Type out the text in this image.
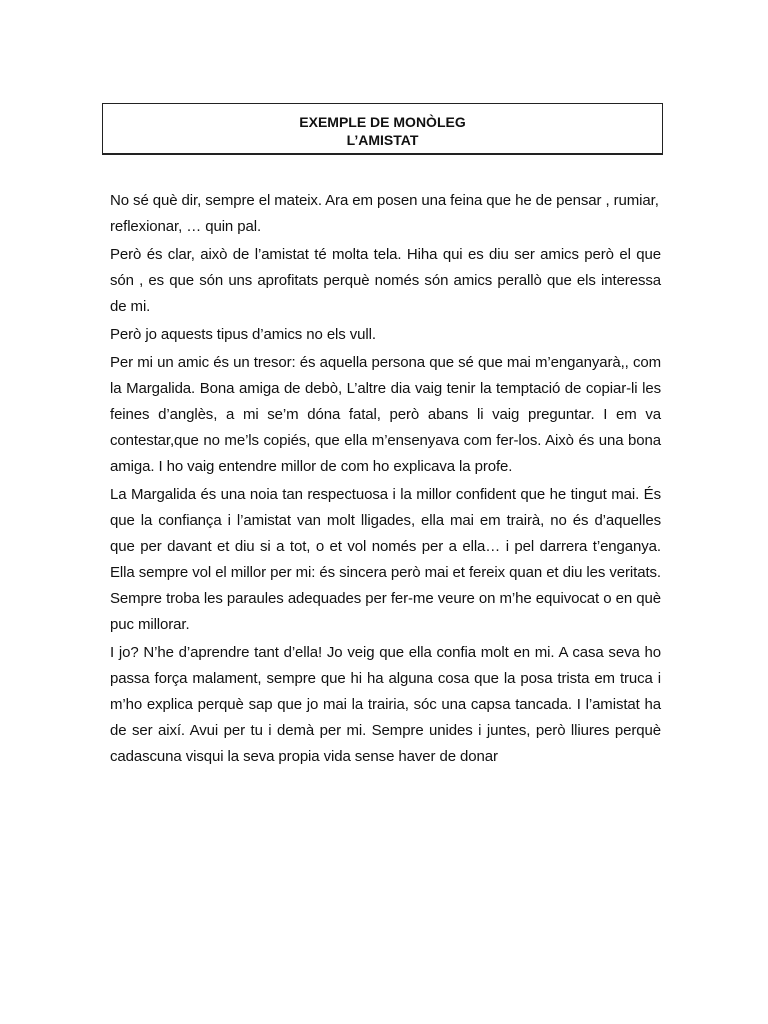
EXEMPLE DE MONÒLEG
L’AMISTAT

No sé què dir, sempre el mateix. Ara em posen una feina que he de pensar , rumiar, reflexionar, … quin pal.

Però és clar, això de l’amistat té molta tela. Hiha qui es diu ser amics però el que són , es que són uns aprofitats perquè només són amics perallò que els interessa de mi.

Però jo aquests tipus d’amics no els vull.

Per mi un amic és un tresor: és aquella persona que sé que mai m’enganyarà,, com la Margalida. Bona amiga de debò, L’altre dia vaig tenir la temptació de copiar-li les feines d’anglès, a mi se’m dóna fatal, però abans li vaig preguntar. I em va contestar,que no me’ls copiés, que ella m’ensenyava com fer-los. Això és una bona amiga. I ho vaig entendre millor de com ho explicava la profe.

La Margalida és una noia tan respectuosa i la millor confident que he tingut mai. És que la confiança i l’amistat van molt lligades, ella mai em trairà, no és d’aquelles que per davant et diu si a tot, o et vol només per a ella… i pel darrera t’enganya. Ella sempre vol el millor per mi: és sincera però mai et fereix quan et diu les veritats. Sempre troba les paraules adequades per fer-me veure on m’he equivocat o en què puc millorar.

I jo? N’he d’aprendre tant d’ella! Jo veig que ella confia molt en mi. A casa seva ho passa força malament, sempre que hi ha alguna cosa que la posa trista em truca i m’ho explica perquè sap que jo mai la trairia, sóc una capsa tancada. I l’amistat ha de ser així. Avui per tu i demà per mi. Sempre unides i juntes, però lliures perquè cadascuna visqui la seva propia vida sense haver de donar
